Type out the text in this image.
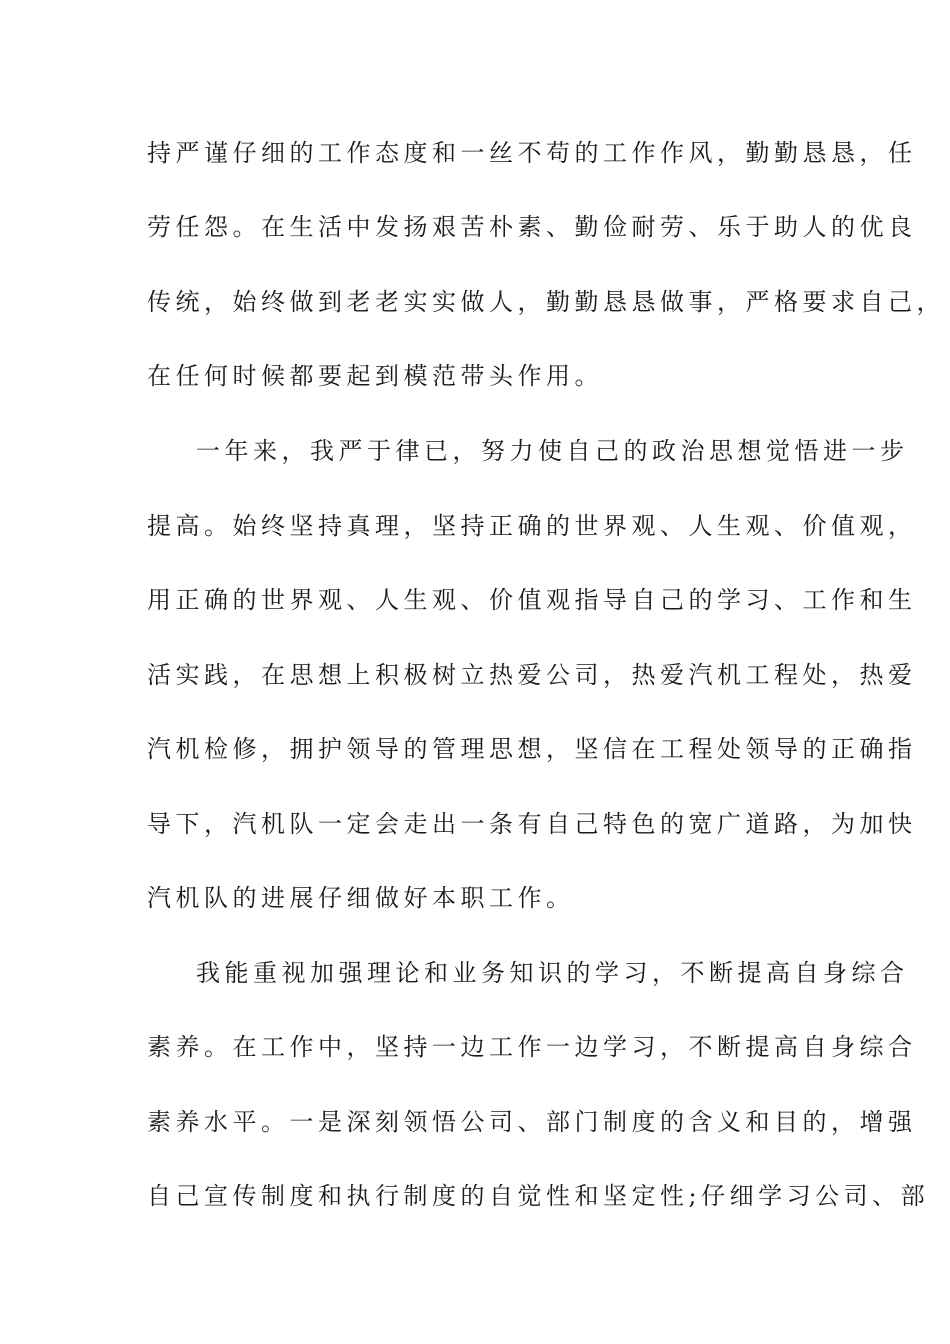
持严谨仔细的工作态度和一丝不苟的工作作风，勤勤恳恳，任
劳任怨。在生活中发扬艰苦朴素、勤俭耐劳、乐于助人的优良
传统，始终做到老老实实做人，勤勤恳恳做事，严格要求自己，
在任何时候都要起到模范带头作用。
一年来，我严于律已，努力使自己的政治思想觉悟进一步
提高。始终坚持真理，坚持正确的世界观、人生观、价值观，
用正确的世界观、人生观、价值观指导自己的学习、工作和生
活实践，在思想上积极树立热爱公司，热爱汽机工程处，热爱
汽机检修，拥护领导的管理思想，坚信在工程处领导的正确指
导下，汽机队一定会走出一条有自己特色的宽广道路，为加快
汽机队的进展仔细做好本职工作。
我能重视加强理论和业务知识的学习，不断提高自身综合
素养。在工作中，坚持一边工作一边学习，不断提高自身综合
素养水平。一是深刻领悟公司、部门制度的含义和目的，增强
自己宣传制度和执行制度的自觉性和坚定性;仔细学习公司、部
